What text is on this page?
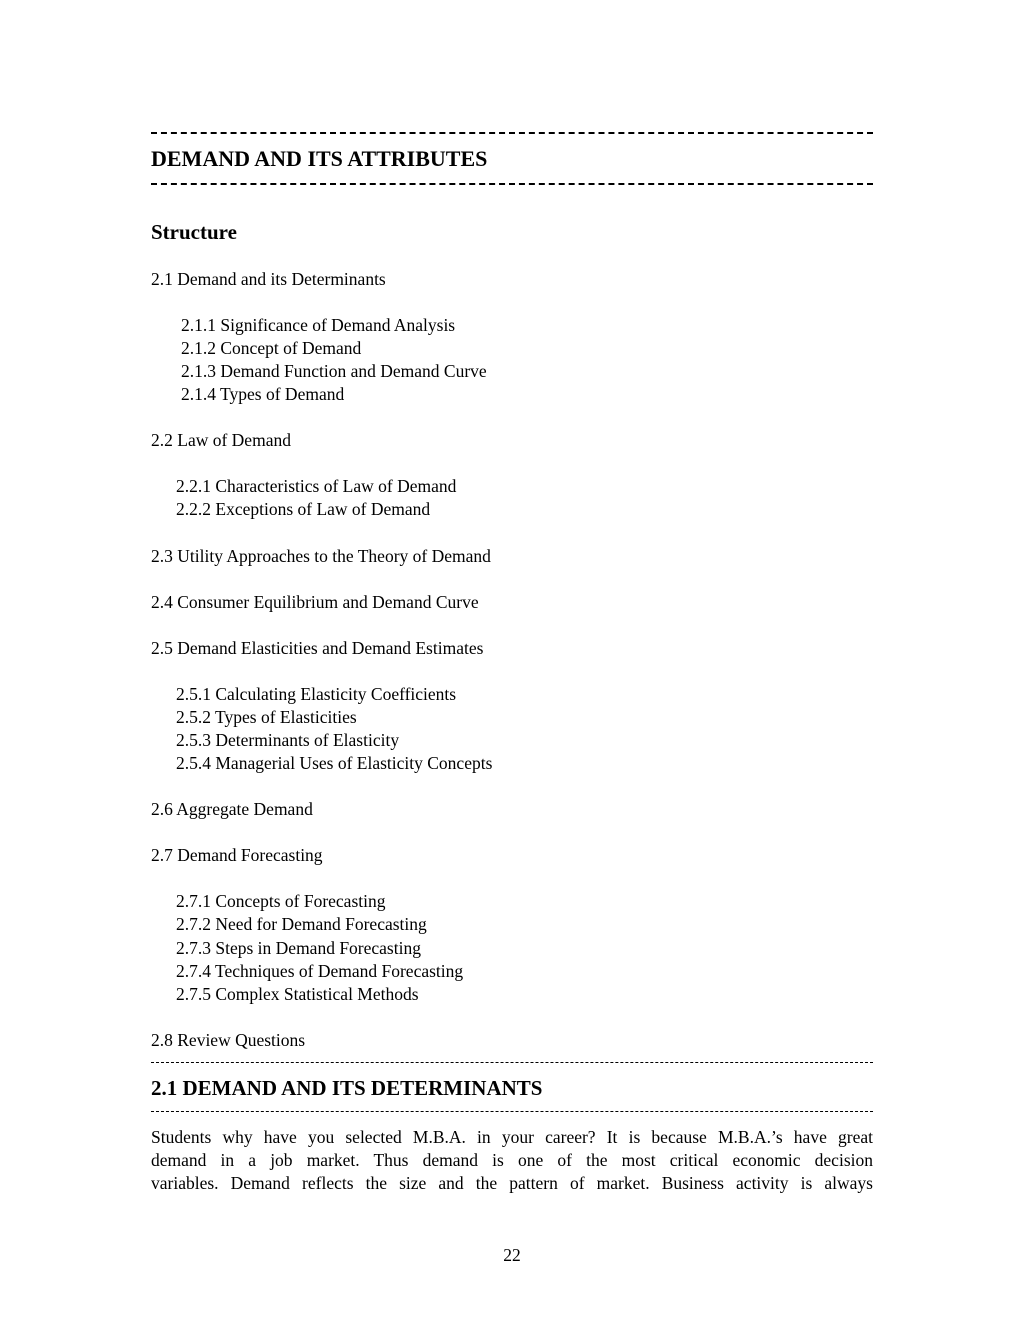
DEMAND AND ITS ATTRIBUTES
Structure
2.1 Demand and its Determinants
2.1.1 Significance of Demand Analysis
2.1.2 Concept of Demand
2.1.3 Demand Function and Demand Curve
2.1.4 Types of Demand
2.2 Law of Demand
2.2.1 Characteristics of Law of Demand
2.2.2 Exceptions of Law of Demand
2.3 Utility Approaches to the Theory of Demand
2.4 Consumer Equilibrium and Demand Curve
2.5 Demand Elasticities and Demand Estimates
2.5.1 Calculating Elasticity Coefficients
2.5.2 Types of Elasticities
2.5.3 Determinants of Elasticity
2.5.4 Managerial Uses of Elasticity Concepts
2.6 Aggregate Demand
2.7 Demand Forecasting
2.7.1 Concepts of Forecasting
2.7.2 Need for Demand Forecasting
2.7.3 Steps in Demand Forecasting
2.7.4 Techniques of Demand Forecasting
2.7.5 Complex Statistical Methods
2.8 Review Questions
2.1 DEMAND AND ITS DETERMINANTS
Students why have you selected M.B.A. in your career? It is because M.B.A.’s have great
demand in a job market. Thus demand is one of the most critical economic decision
variables. Demand reflects the size and the pattern of market. Business activity is always
22
